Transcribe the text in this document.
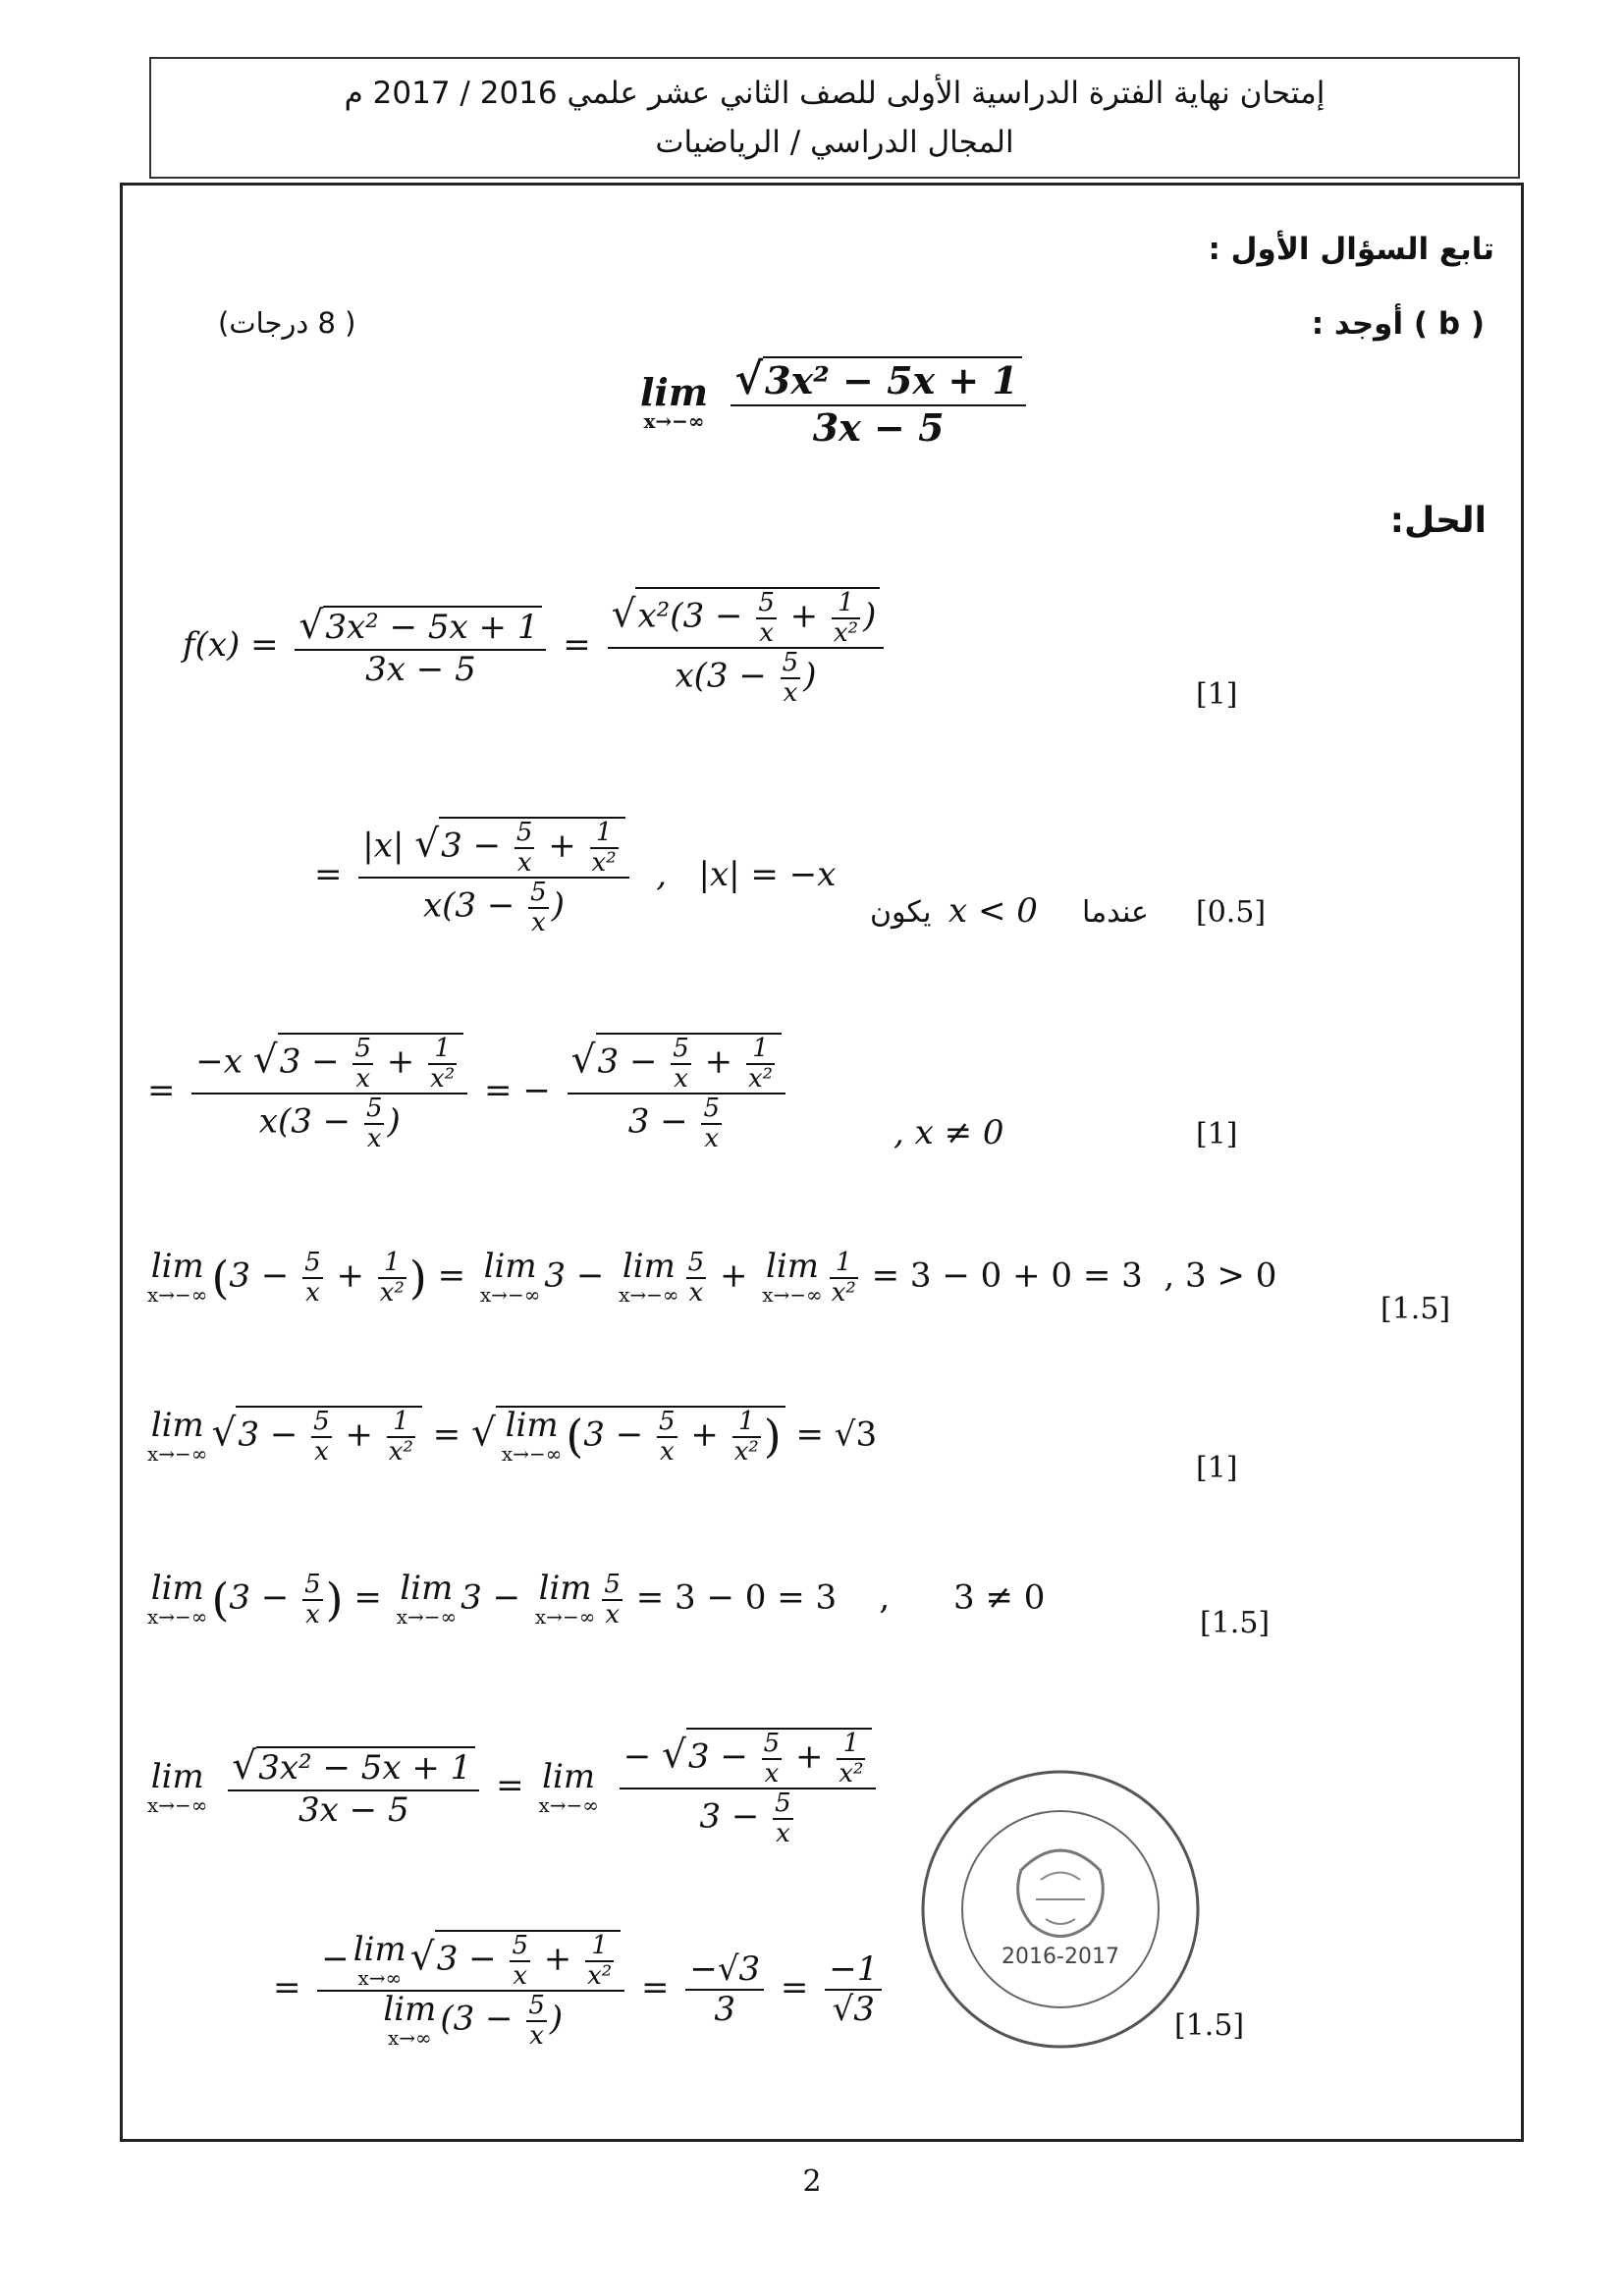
إمتحان نهاية الفترة الدراسية الأولى للصف الثاني عشر علمي 2016 / 2017 م
المجال الدراسي / الرياضيات
تابع السؤال الأول :
( b ) أوجد :
( 8 درجات)
lim
x→−∞
$\frac{\text{√3x² − 5x + 1}}{3x - 5}$
الحل:
$f(x) = \frac{\text{√3x² − 5x + 1}}{3x - 5} = \frac{√x^2(3 - \frac{5}{x} + \frac{1}{\text{x²}} )}{x(3 - \frac{5}{x} )}$	[1]
= $\frac{|x| √3 - \frac{5}{x} + \frac{1}{\text{x²}}}{x(3 - \frac{5}{x} )}$ ,   |x| = −x
يكون x < 0 عندما [0.5]
= $\frac{-x √3 - \frac{5}{x} + \frac{1}{\text{x²}}}{x(3 - \frac{5}{x} )}$ = − $\frac{√3 - \frac{5}{x} + \frac{1}{\text{x²}}}{3 - \frac{5}{x}}$	, x ≠ 0	[1]
lim
x→−∞ ($3 - \frac{5}{x} + \frac{1}{\text{x²}}$ ) = lim
x→−∞ 3 − lim
$x\to-\infty \frac{5}{x} + \lim$
$x\to-\infty \frac{1}{\text{x²}} = 3 - 0 + 0 = 3$  , 3 > 0
[1.5]
lim
x→−∞ $√3 - \frac{5}{x} + \frac{1}{\text{x²}}$ = √ lim
x→−∞ ($3 - \frac{5}{x} + \frac{1}{\text{x²}}$ ) = √3
[1]
lim
x→−∞ ($3 - \frac{5}{x}$ ) = lim
x→−∞ 3 − lim
$x\to-\infty \frac{5}{x} = 3 - 0 = 3$    ,      3 ≠ 0
[1.5]
lim
x→−∞
$\frac{\text{√3x² − 5x + 1}}{3x - 5} = \lim$
x→−∞
$\frac{- √3 - \frac{5}{x} + \frac{1}{\text{x²}}}{3 - \frac{5}{x}}$
= − lim
x→∞ $√3 - \frac{5}{x} + \frac{1}{\text{x²}}$
lim
x→∞ ($3 - \frac{5}{x}$ ) = $\frac{-√3}{3} = \frac{-1}{√3}$	[1.5]
2016-2017
2
